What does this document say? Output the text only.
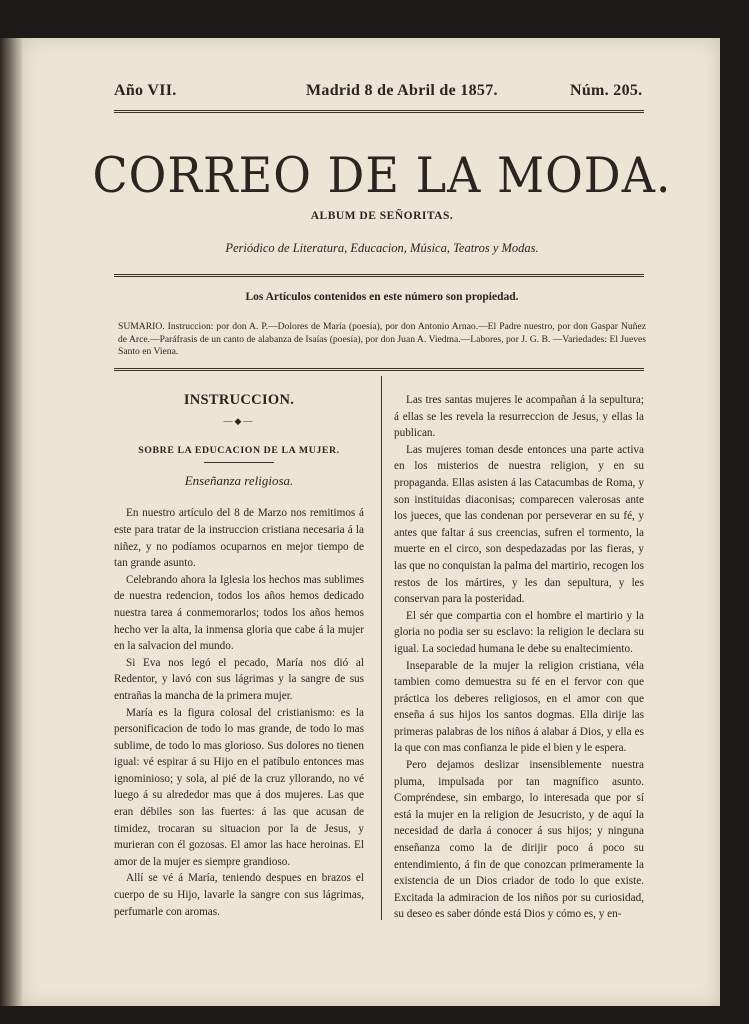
Año VII.	Madrid 8 de Abril de 1857.	Núm. 205.
CORREO DE LA MODA.
ALBUM DE SEÑORITAS.
Periódico de Literatura, Educacion, Música, Teatros y Modas.
Los Artículos contenidos en este número son propiedad.
SUMARIO. Instruccion: por don A. P.—Dolores de María (poesía), por don Antonio Arnao.—El Padre nuestro, por don Gaspar Nuñez de Arce.—Paráfrasis de un canto de alabanza de Isaías (poesía), por don Juan A. Viedma.—Labores, por J. G. B. —Variedades: El Jueves Santo en Viena.
INSTRUCCION.
—◆—
SOBRE LA EDUCACION DE LA MUJER.
Enseñanza religiosa.

En nuestro artículo del 8 de Marzo nos remitimos á este para tratar de la instruccion cristiana necesaria á la niñez, y no podíamos ocuparnos en mejor tiempo de tan grande asunto.

Celebrando ahora la Iglesia los hechos mas sublimes de nuestra redencion, todos los años hemos dedicado nuestra tarea á conmemorarlos; todos los años hemos hecho ver la alta, la inmensa gloria que cabe á la mujer en la salvacion del mundo.

Si Eva nos legó el pecado, María nos dió al Redentor, y lavó con sus lágrimas y la sangre de sus entrañas la mancha de la primera mujer.

María es la figura colosal del cristianismo: es la personificacion de todo lo mas grande, de todo lo mas sublime, de todo lo mas glorioso. Sus dolores no tienen igual: vé espirar á su Hijo en el patíbulo entonces mas ignominioso; y sola, al pié de la cruz yllorando, no vé luego á su alrededor mas que á dos mujeres. Las que eran débiles son las fuertes: á las que acusan de timidez, trocaran su situacion por la de Jesus, y murieran con él gozosas. El amor las hace heroinas. El amor de la mujer es siempre grandioso.

Allí se vé á María, teniendo despues en brazos el cuerpo de su Hijo, lavarle la sangre con sus lágrimas, perfumarle con aromas.

Las tres santas mujeres le acompañan á la sepultura; á ellas se les revela la resurreccion de Jesus, y ellas la publican.

Las mujeres toman desde entonces una parte activa en los misterios de nuestra religion, y en su propaganda. Ellas asisten á las Catacumbas de Roma, y son instituidas diaconisas; comparecen valerosas ante los jueces, que las condenan por perseverar en su fé, y antes que faltar á sus creencias, sufren el tormento, la muerte en el circo, son despedazadas por las fieras, y las que no conquistan la palma del martirio, recogen los restos de los mártires, y les dan sepultura, y les conservan para la posteridad.

El sér que compartia con el hombre el martirio y la gloria no podia ser su esclavo: la religion le declara su igual. La sociedad humana le debe su enaltecimiento.

Inseparable de la mujer la religion cristiana, véla tambien como demuestra su fé en el fervor con que práctica los deberes religiosos, en el amor con que enseña á sus hijos los santos dogmas. Ella dirije las primeras palabras de los niños á alabar á Dios, y ella es la que con mas confianza le pide el bien y le espera.

Pero dejamos deslizar insensiblemente nuestra pluma, impulsada por tan magnífico asunto. Compréndese, sin embargo, lo interesada que por sí está la mujer en la religion de Jesucristo, y de aquí la necesidad de darla á conocer á sus hijos; y ninguna enseñanza como la de dirijir poco á poco su entendimiento, á fin de que conozcan primeramente la existencia de un Dios criador de todo lo que existe. Excitada la admiracion de los niños por su curiosidad, su deseo es saber dónde está Dios y cómo es, y en-
